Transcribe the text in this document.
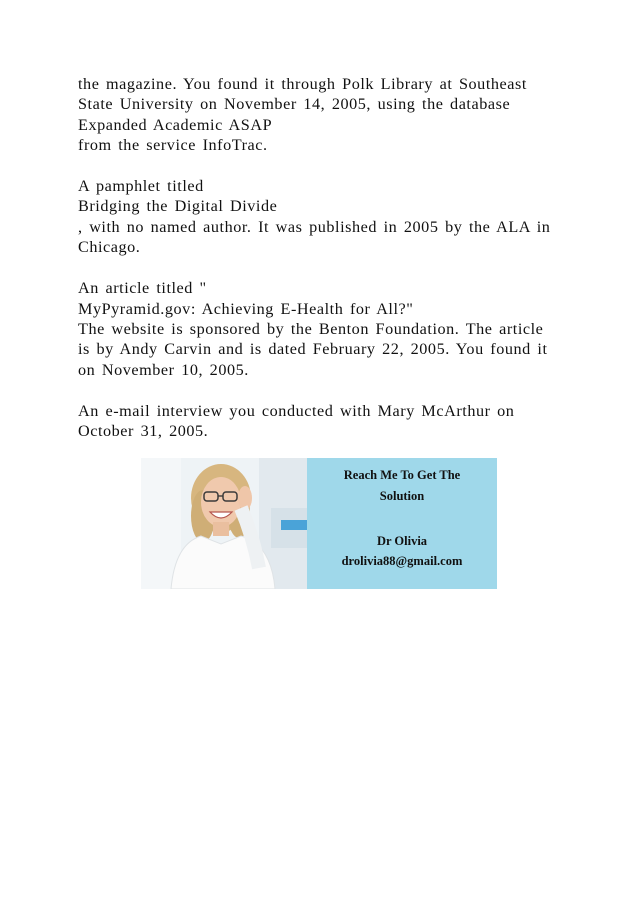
the magazine. You found it through Polk Library at Southeast
State University on November 14, 2005, using the database
Expanded Academic ASAP
from the service InfoTrac.

A pamphlet titled
Bridging the Digital Divide
, with no named author. It was published in 2005 by the ALA in
Chicago.

An article titled "
MyPyramid.gov: Achieving E-Health for All?"
The website is sponsored by the Benton Foundation. The article
is by Andy Carvin and is dated February 22, 2005. You found it
on November 10, 2005.

An e-mail interview you conducted with Mary McArthur on
October 31, 2005.

Reach Me To Get The
Solution
Dr Olivia
drolivia88@gmail.com
